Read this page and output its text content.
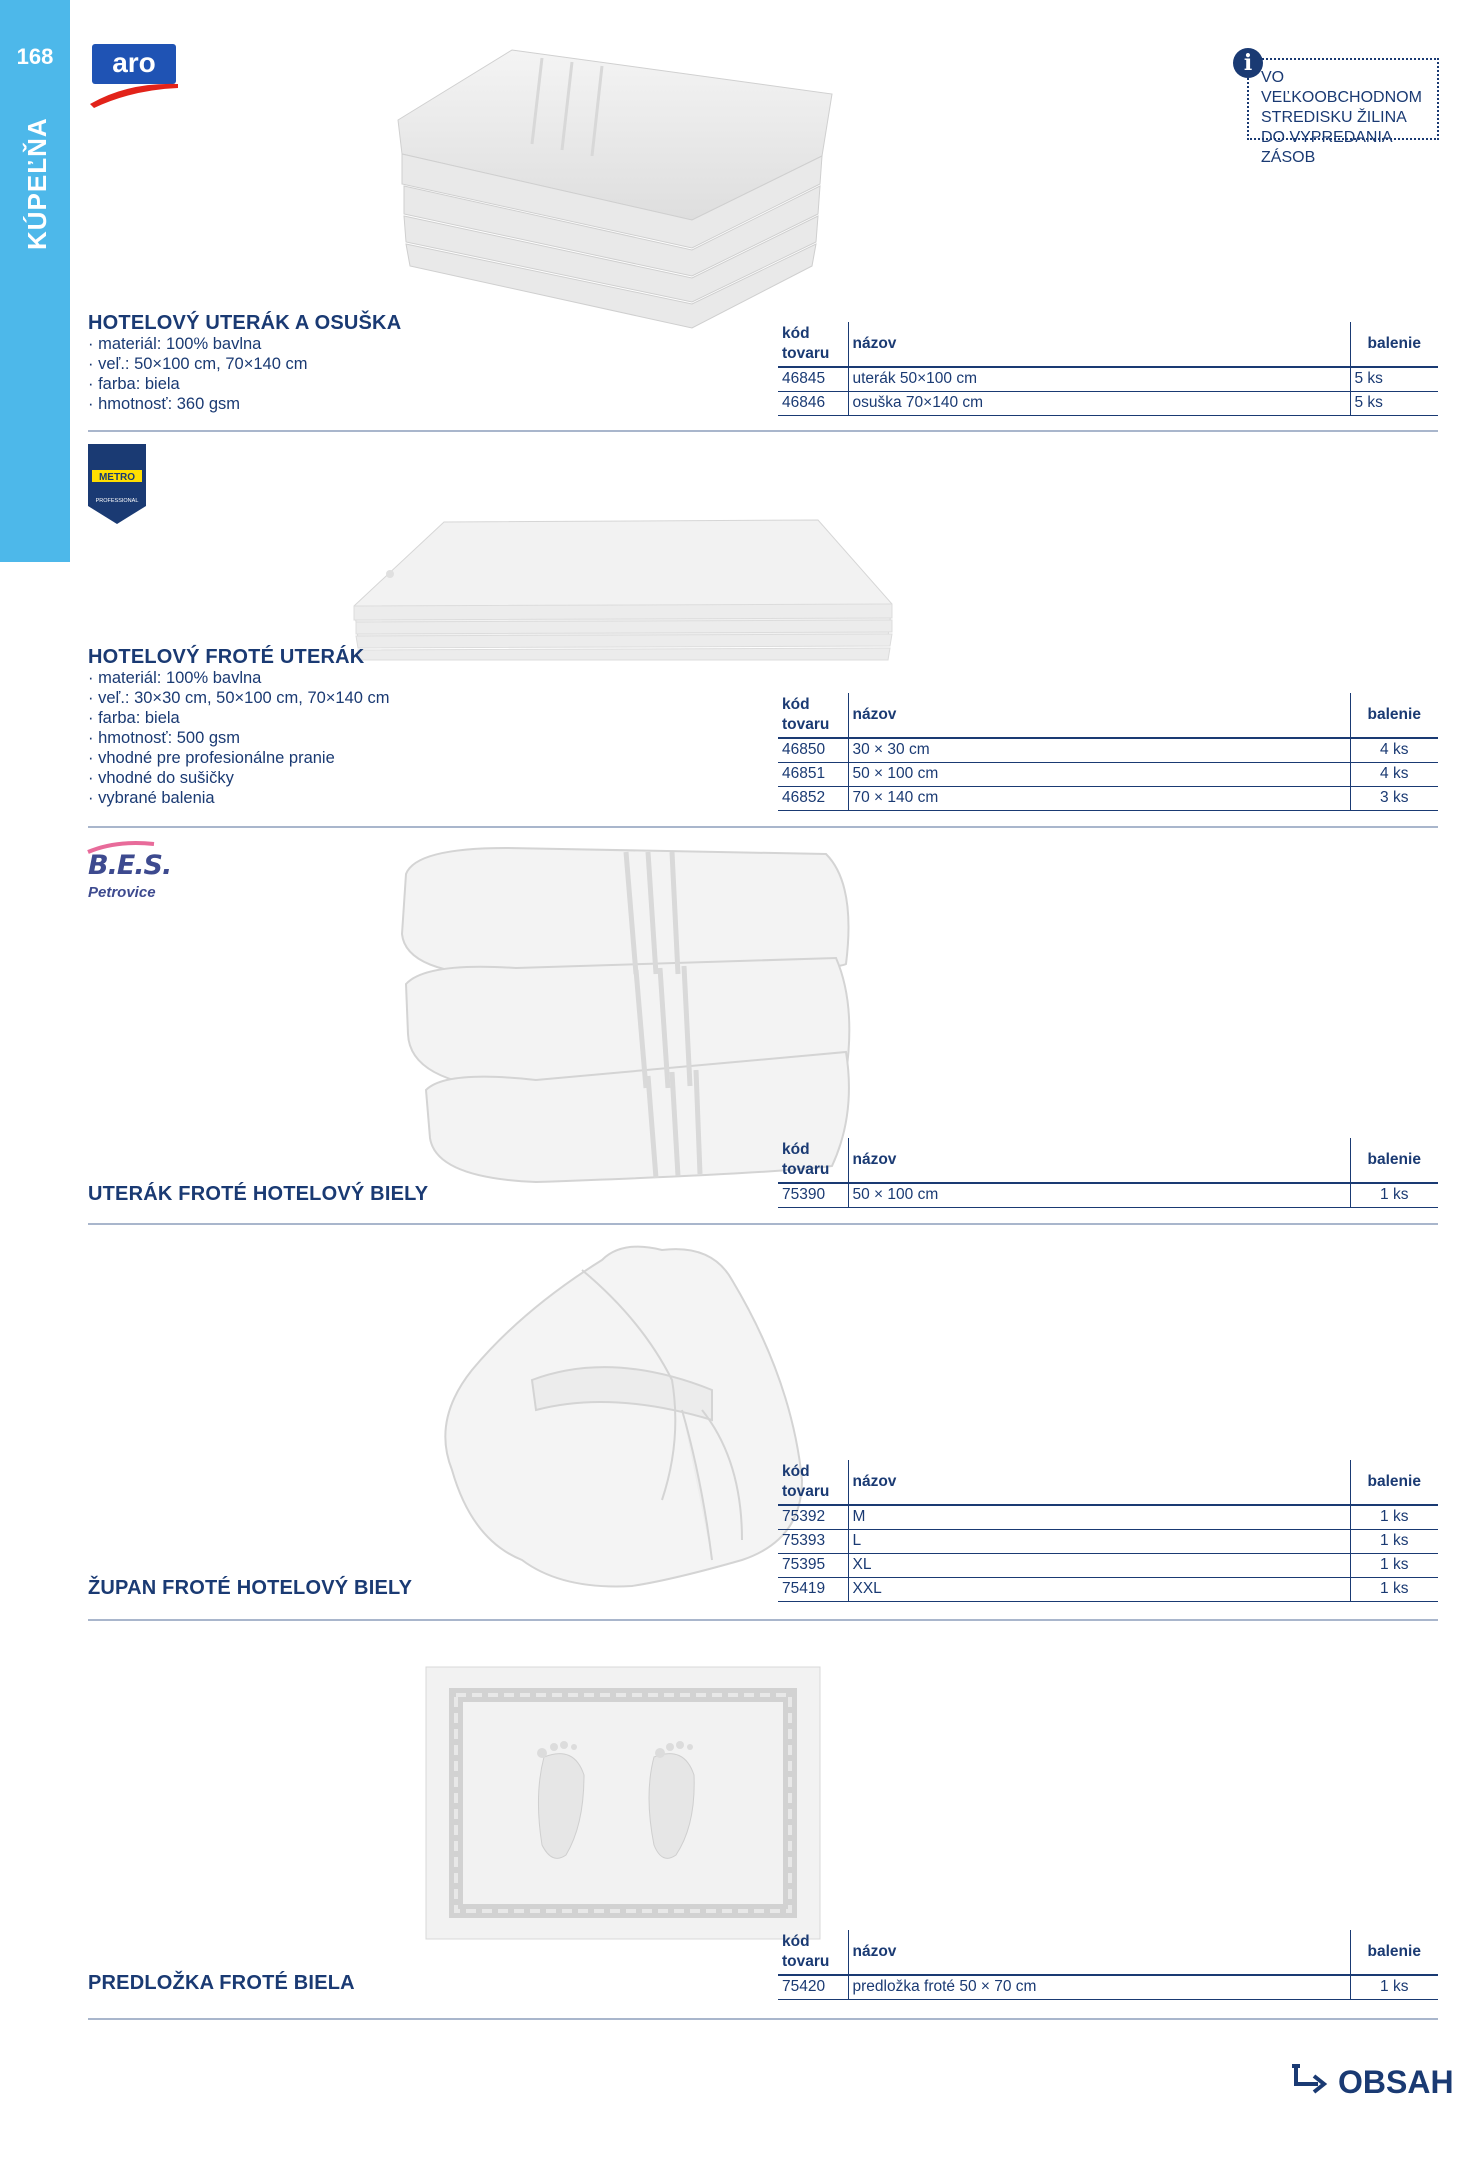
168
KÚPEĽŇA
aro	VO VEĽKOOBCHODNOM
STREDISKU ŽILINA
DO VYPREDANIA ZÁSOB
i
HOTELOVÝ UTERÁK A OSUŠKA
· materiál: 100% bavlna
· veľ.: 50×100 cm, 70×140 cm
· farba: biela
· hmotnosť: 360 gsm
kód
tovaru	názov	balenie
46845	uterák 50×100 cm	5 ks
46846	osuška 70×140 cm	5 ks
METRO
PROFESSIONAL
HOTELOVÝ FROTÉ UTERÁK
· materiál: 100% bavlna
· veľ.: 30×30 cm, 50×100 cm, 70×140 cm
· farba: biela
· hmotnosť: 500 gsm
· vhodné pre profesionálne pranie
· vhodné do sušičky
· vybrané balenia
kód
tovaru	názov	balenie
46850	30 × 30 cm	4 ks
46851	50 × 100 cm	4 ks
46852	70 × 140 cm	3 ks
B.E.S.
Petrovice
UTERÁK FROTÉ HOTELOVÝ BIELY
kód
tovaru	názov	balenie
75390	50 × 100 cm	1 ks
ŽUPAN FROTÉ HOTELOVÝ BIELY
kód
tovaru	názov	balenie
75392	M	1 ks
75393	L	1 ks
75395	XL	1 ks
75419	XXL	1 ks
PREDLOŽKA FROTÉ BIELA
kód
tovaru	názov	balenie
75420	predložka froté 50 × 70 cm	1 ks
OBSAH
